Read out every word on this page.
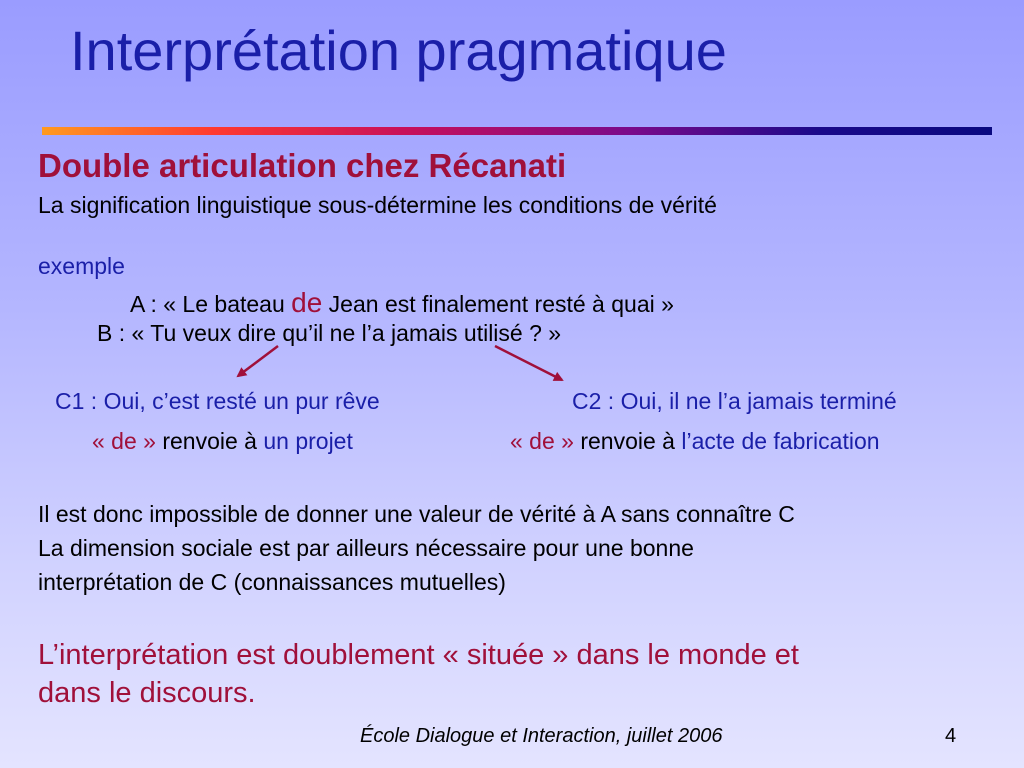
Interprétation pragmatique
Double articulation chez Récanati
La signification linguistique sous-détermine les conditions de vérité
exemple
A : « Le bateau de Jean est finalement resté à quai »
B : « Tu veux dire qu’il ne l’a jamais utilisé ? »
C1 : Oui, c’est resté un pur rêve	C2 : Oui, il ne l’a jamais terminé
« de » renvoie à un projet	« de » renvoie à l’acte de fabrication
Il est donc impossible de donner une valeur de vérité à A sans connaître C
La dimension sociale est par ailleurs nécessaire pour une bonne
interprétation de C (connaissances mutuelles)
L’interprétation est doublement « située » dans le monde et
dans le discours.
École Dialogue et Interaction, juillet 2006	4
